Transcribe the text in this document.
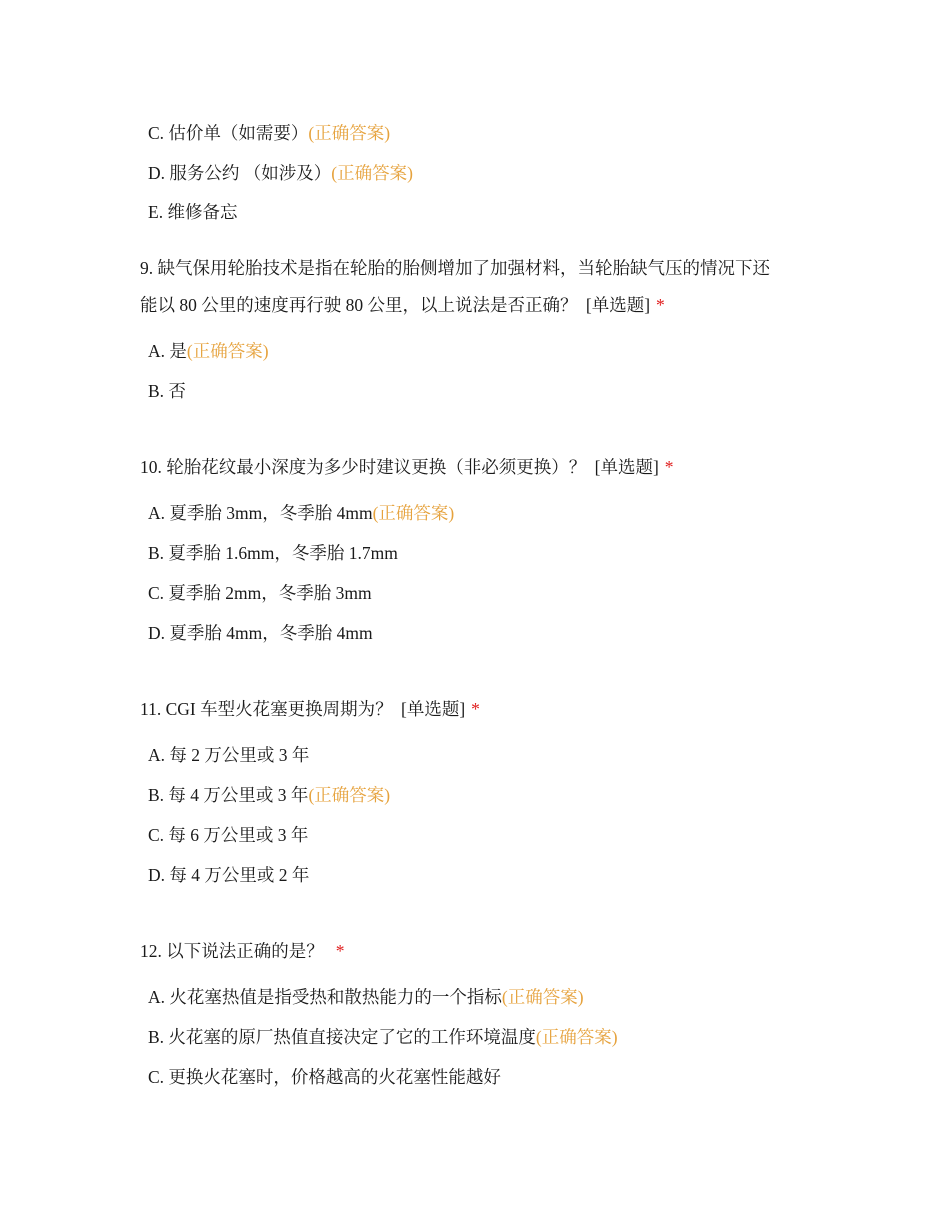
C. 估价单（如需要）(正确答案)
D. 服务公约 （如涉及）(正确答案)
E. 维修备忘
9. 缺气保用轮胎技术是指在轮胎的胎侧增加了加强材料，当轮胎缺气压的情况下还
能以 80 公里的速度再行驶 80 公里，以上说法是否正确？ [单选题] *
A. 是(正确答案)
B. 否
10. 轮胎花纹最小深度为多少时建议更换（非必须更换）？ [单选题] *
A. 夏季胎 3mm，冬季胎 4mm(正确答案)
B. 夏季胎 1.6mm，冬季胎 1.7mm
C. 夏季胎 2mm，冬季胎 3mm
D. 夏季胎 4mm，冬季胎 4mm
11. CGI 车型火花塞更换周期为？ [单选题] *
A. 每 2 万公里或 3 年
B. 每 4 万公里或 3 年(正确答案)
C. 每 6 万公里或 3 年
D. 每 4 万公里或 2 年
12. 以下说法正确的是？ *
A. 火花塞热值是指受热和散热能力的一个指标(正确答案)
B. 火花塞的原厂热值直接决定了它的工作环境温度(正确答案)
C. 更换火花塞时，价格越高的火花塞性能越好
